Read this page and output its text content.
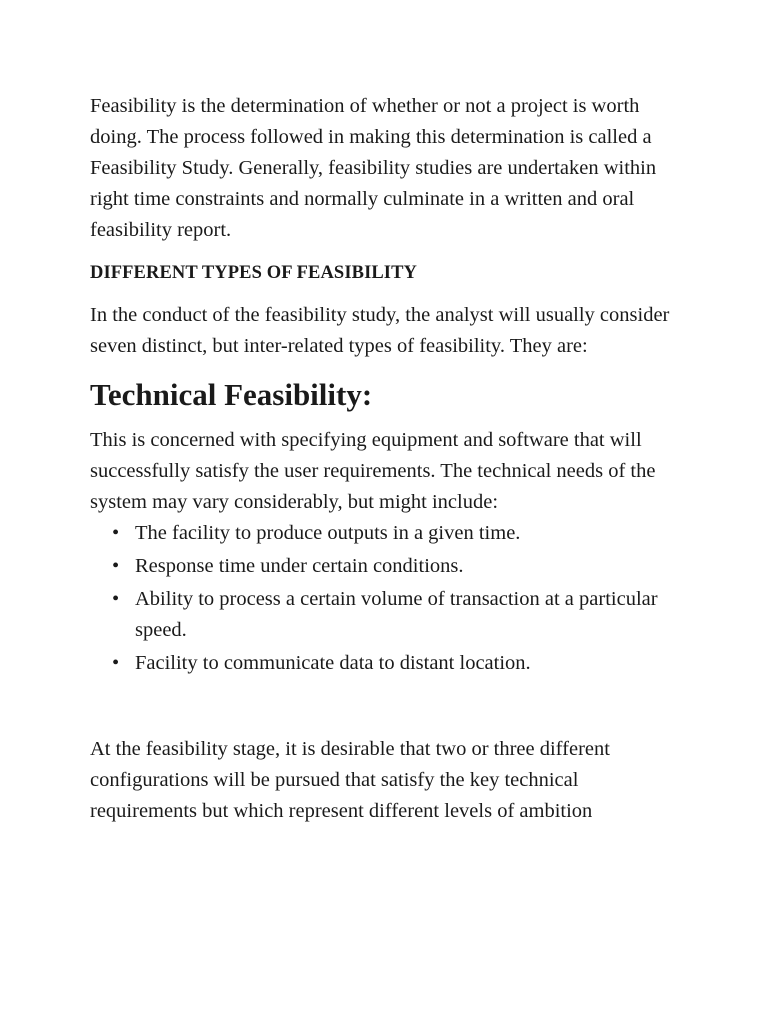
Feasibility is the determination of whether or not a project is worth doing. The process followed in making this determination is called a Feasibility Study. Generally, feasibility studies are undertaken within right time constraints and normally culminate in a written and oral feasibility report.

DIFFERENT TYPES OF FEASIBILITY

In the conduct of the feasibility study, the analyst will usually consider seven distinct, but inter-related types of feasibility. They are:

Technical Feasibility:

This is concerned with specifying equipment and software that will successfully satisfy the user requirements. The technical needs of the system may vary considerably, but might include:

• The facility to produce outputs in a given time.
• Response time under certain conditions.
• Ability to process a certain volume of transaction at a particular speed.
• Facility to communicate data to distant location.

At the feasibility stage, it is desirable that two or three different configurations will be pursued that satisfy the key technical requirements but which represent different levels of ambition
